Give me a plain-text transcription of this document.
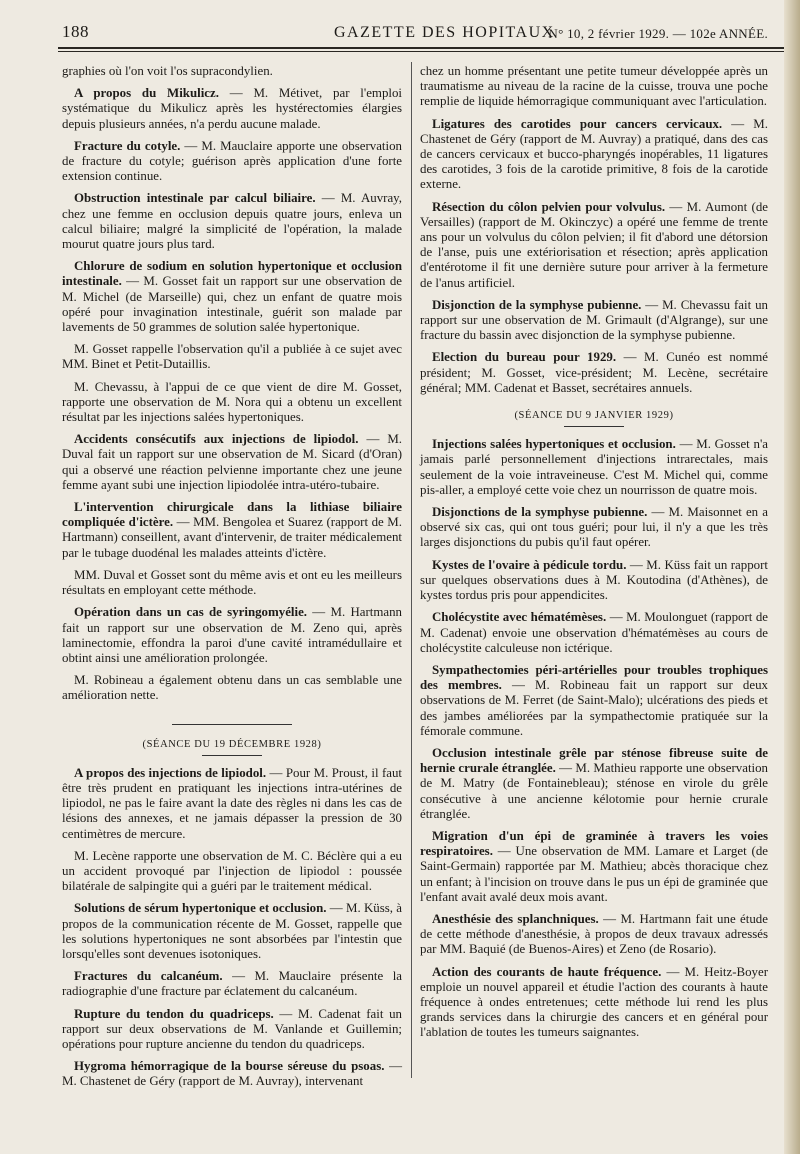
188	GAZETTE DES HOPITAUX
N° 10, 2 février 1929. — 102e ANNÉE.

graphies où l'on voit l'os supracondylien.

A propos du Mikulicz. — M. Métivet, par l'emploi systématique du Mikulicz après les hystérectomies élargies depuis plusieurs années, n'a perdu aucune malade.

Fracture du cotyle. — M. Mauclaire apporte une observation de fracture du cotyle; guérison après application d'une forte extension continue.

Obstruction intestinale par calcul biliaire. — M. Auvray, chez une femme en occlusion depuis quatre jours, enleva un calcul biliaire; malgré la simplicité de l'opération, la malade mourut quatre jours plus tard.

Chlorure de sodium en solution hypertonique et occlusion intestinale. — M. Gosset fait un rapport sur une observation de M. Michel (de Marseille) qui, chez un enfant de quatre mois opéré pour invagination intestinale, guérit son malade par lavements de 50 grammes de solution salée hypertonique.

M. Gosset rappelle l'observation qu'il a publiée à ce sujet avec MM. Binet et Petit-Dutaillis.

M. Chevassu, à l'appui de ce que vient de dire M. Gosset, rapporte une observation de M. Nora qui a obtenu un excellent résultat par les injections salées hypertoniques.

Accidents consécutifs aux injections de lipiodol. — M. Duval fait un rapport sur une observation de M. Sicard (d'Oran) qui a observé une réaction pelvienne importante chez une jeune femme ayant subi une injection lipiodolée intra-utéro-tubaire.

L'intervention chirurgicale dans la lithiase biliaire compliquée d'ictère. — MM. Bengolea et Suarez (rapport de M. Hartmann) conseillent, avant d'intervenir, de traiter médicalement par le tubage duodénal les malades atteints d'ictère.

MM. Duval et Gosset sont du même avis et ont eu les meilleurs résultats en employant cette méthode.

Opération dans un cas de syringomyélie. — M. Hartmann fait un rapport sur une observation de M. Zeno qui, après laminectomie, effondra la paroi d'une cavité intramédullaire et obtint ainsi une amélioration prolongée.

M. Robineau a également obtenu dans un cas semblable une amélioration nette.

(SÉANCE DU 19 DÉCEMBRE 1928)

A propos des injections de lipiodol. — Pour M. Proust, il faut être très prudent en pratiquant les injections intra-utérines de lipiodol, ne pas le faire avant la date des règles ni dans les cas de lésions des annexes, et ne jamais dépasser la pression de 30 centimètres de mercure.

M. Lecène rapporte une observation de M. C. Béclère qui a eu un accident provoqué par l'injection de lipiodol : poussée bilatérale de salpingite qui a guéri par le traitement médical.

Solutions de sérum hypertonique et occlusion. — M. Küss, à propos de la communication récente de M. Gosset, rappelle que les solutions hypertoniques ne sont absorbées par l'intestin que lorsqu'elles sont devenues isotoniques.

Fractures du calcanéum. — M. Mauclaire présente la radiographie d'une fracture par éclatement du calcanéum.

Rupture du tendon du quadriceps. — M. Cadenat fait un rapport sur deux observations de M. Vanlande et Guillemin; opérations pour rupture ancienne du tendon du quadriceps.

Hygroma hémorragique de la bourse séreuse du psoas. — M. Chastenet de Géry (rapport de M. Auvray), intervenant

chez un homme présentant une petite tumeur développée après un traumatisme au niveau de la racine de la cuisse, trouva une poche remplie de liquide hémorragique communiquant avec l'articulation.

Ligatures des carotides pour cancers cervicaux. — M. Chastenet de Géry (rapport de M. Auvray) a pratiqué, dans des cas de cancers cervicaux et bucco-pharyngés inopérables, 11 ligatures des carotides, 3 fois de la carotide primitive, 8 fois de la carotide externe.

Résection du côlon pelvien pour volvulus. — M. Aumont (de Versailles) (rapport de M. Okinczyc) a opéré une femme de trente ans pour un volvulus du côlon pelvien; il fit d'abord une détorsion de l'anse, puis une extériorisation et résection; après application d'entérotome il fit une dernière suture pour arriver à la fermeture de l'anus artificiel.

Disjonction de la symphyse pubienne. — M. Chevassu fait un rapport sur une observation de M. Grimault (d'Algrange), sur une fracture du bassin avec disjonction de la symphyse pubienne.

Election du bureau pour 1929. — M. Cunéo est nommé président; M. Gosset, vice-président; M. Lecène, secrétaire général; MM. Cadenat et Basset, secrétaires annuels.

(SÉANCE DU 9 JANVIER 1929)

Injections salées hypertoniques et occlusion. — M. Gosset n'a jamais parlé personnellement d'injections intrarectales, mais seulement de la voie intraveineuse. C'est M. Michel qui, comme pis-aller, a employé cette voie chez un nourrisson de quatre mois.

Disjonctions de la symphyse pubienne. — M. Maisonnet en a observé six cas, qui ont tous guéri; pour lui, il n'y a que les très larges disjonctions du pubis qu'il faut opérer.

Kystes de l'ovaire à pédicule tordu. — M. Küss fait un rapport sur quelques observations dues à M. Koutodina (d'Athènes), de kystes tordus pris pour appendicites.

Cholécystite avec hématémèses. — M. Moulonguet (rapport de M. Cadenat) envoie une observation d'hématémèses au cours de cholécystite calculeuse non ictérique.

Sympathectomies péri-artérielles pour troubles trophiques des membres. — M. Robineau fait un rapport sur deux observations de M. Ferret (de Saint-Malo); ulcérations des pieds et des jambes améliorées par la sympathectomie pratiquée sur la fémorale commune.

Occlusion intestinale grêle par sténose fibreuse suite de hernie crurale étranglée. — M. Mathieu rapporte une observation de M. Matry (de Fontainebleau); sténose en virole du grêle consécutive à une ancienne kélotomie pour hernie crurale étranglée.

Migration d'un épi de graminée à travers les voies respiratoires. — Une observation de MM. Lamare et Larget (de Saint-Germain) rapportée par M. Mathieu; abcès thoracique chez un enfant; à l'incision on trouve dans le pus un épi de graminée que l'enfant avait avalé deux mois avant.

Anesthésie des splanchniques. — M. Hartmann fait une étude de cette méthode d'anesthésie, à propos de deux travaux adressés par MM. Baquié (de Buenos-Aires) et Zeno (de Rosario).

Action des courants de haute fréquence. — M. Heitz-Boyer emploie un nouvel appareil et étudie l'action des courants à haute fréquence à ondes entretenues; cette méthode lui rend les plus grands services dans la chirurgie des cancers et en général pour l'ablation de toutes les tumeurs saignantes.
